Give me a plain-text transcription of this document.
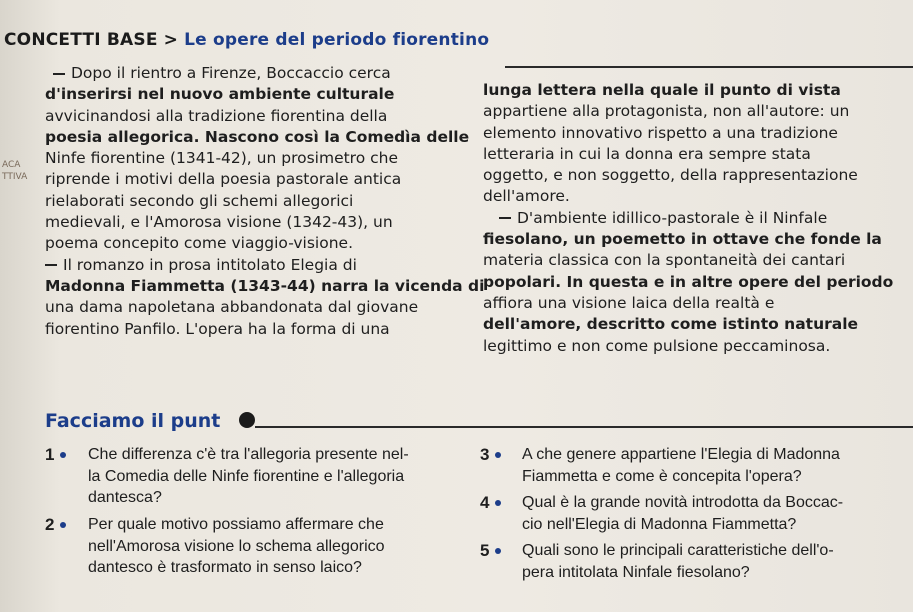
ACA
TTIVA
CONCETTI BASE > Le opere del periodo fiorentino

Dopo il rientro a Firenze, Boccaccio cerca

d'inserirsi nel nuovo ambiente culturale

avvicinandosi alla tradizione fiorentina della

poesia allegorica. Nascono così la Comedìa delle

Ninfe fiorentine (1341-42), un prosimetro che

riprende i motivi della poesia pastorale antica

rielaborati secondo gli schemi allegorici

medievali, e l'Amorosa visione (1342-43), un

poema concepito come viaggio-visione.

Il romanzo in prosa intitolato Elegia di

Madonna Fiammetta (1343-44) narra la vicenda di

una dama napoletana abbandonata dal giovane

fiorentino Panfilo. L'opera ha la forma di una

lunga lettera nella quale il punto di vista

appartiene alla protagonista, non all'autore: un

elemento innovativo rispetto a una tradizione

letteraria in cui la donna era sempre stata

oggetto, e non soggetto, della rappresentazione

dell'amore.

D'ambiente idillico-pastorale è il Ninfale

fiesolano, un poemetto in ottave che fonde la

materia classica con la spontaneità dei cantari

popolari. In questa e in altre opere del periodo

affiora una visione laica della realtà e

dell'amore, descritto come istinto naturale

legittimo e non come pulsione peccaminosa.

Facciamo il punt
1 Che differenza c'è tra l'allegoria presente nel-
la Comedia delle Ninfe fiorentine e l'allegoria
dantesca?
2 Per quale motivo possiamo affermare che
nell'Amorosa visione lo schema allegorico
dantesco è trasformato in senso laico?
3 A che genere appartiene l'Elegia di Madonna
Fiammetta e come è concepita l'opera?
4 Qual è la grande novità introdotta da Boccac-
cio nell'Elegia di Madonna Fiammetta?
5 Quali sono le principali caratteristiche dell'o-
pera intitolata Ninfale fiesolano?
